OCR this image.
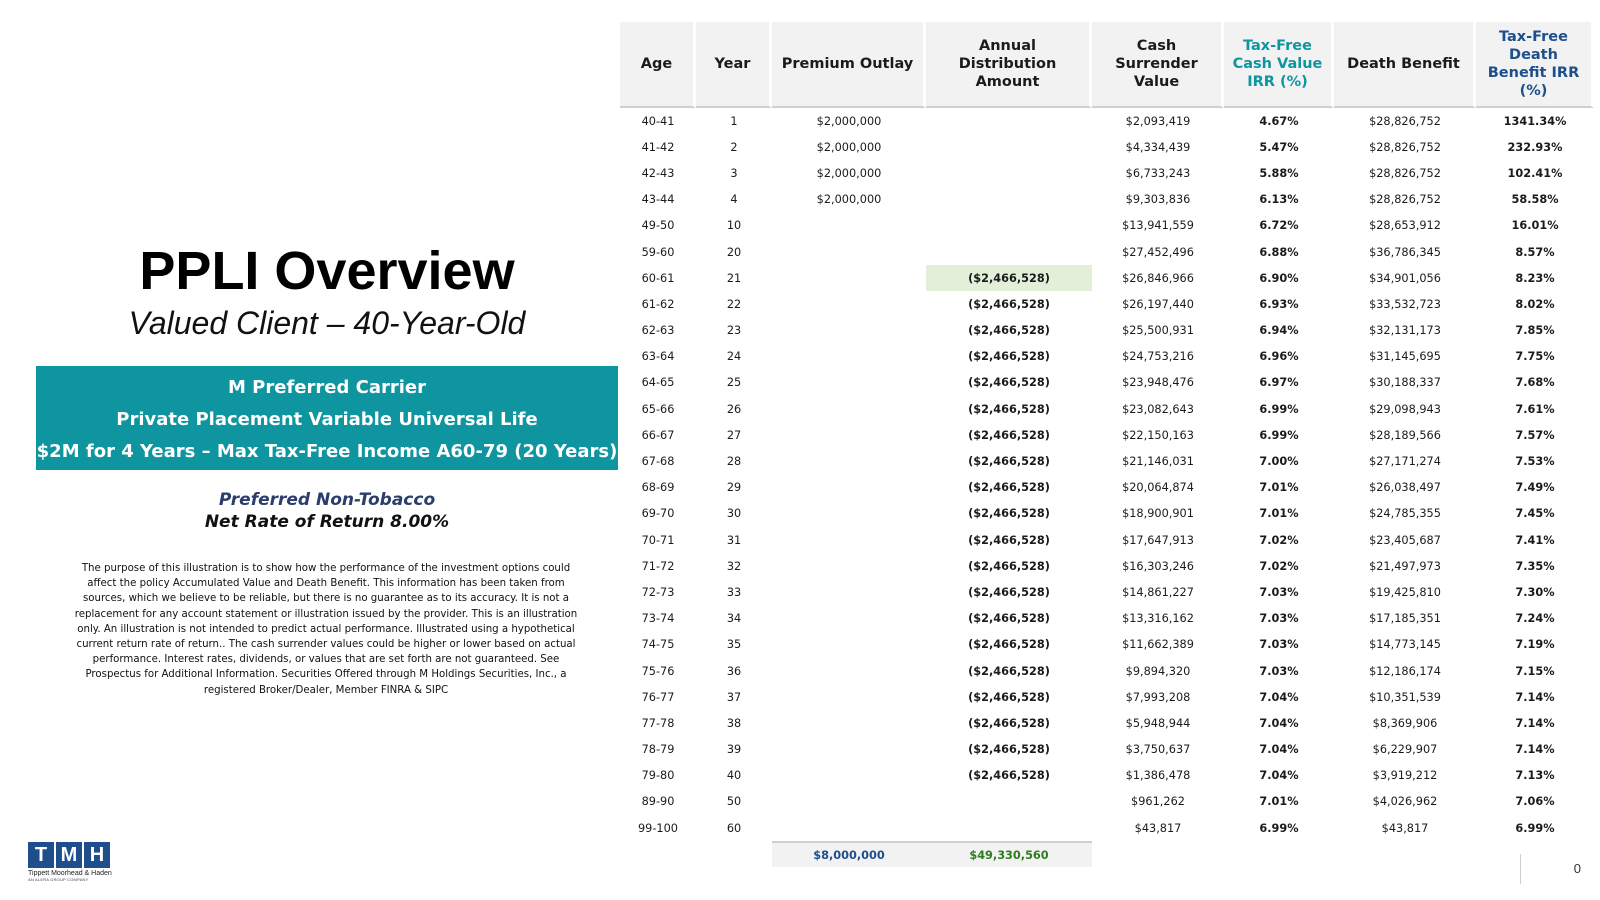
PPLI Overview
Valued Client – 40-Year-Old
M Preferred Carrier
Private Placement Variable Universal Life
$2M for 4 Years – Max Tax-Free Income A60-79 (20 Years)
Preferred Non-Tobacco
Net Rate of Return 8.00%
The purpose of this illustration is to show how the performance of the investment options could affect the policy Accumulated Value and Death Benefit. This information has been taken from sources, which we believe to be reliable, but there is no guarantee as to its accuracy. It is not a replacement for any account statement or illustration issued by the provider. This is an illustration only. An illustration is not intended to predict actual performance. Illustrated using a hypothetical current return rate of return.. The cash surrender values could be higher or lower based on actual performance. Interest rates, dividends, or values that are set forth are not guaranteed. See Prospectus for Additional Information. Securities Offered through M Holdings Securities, Inc., a registered Broker/Dealer, Member FINRA & SIPC
T M H
Tippett Moorhead & Haden
AN ALERA GROUP COMPANY
Age	Year	Premium Outlay	Annual Distribution Amount	Cash Surrender Value	Tax-Free Cash Value IRR (%)	Death Benefit	Tax-Free Death Benefit IRR (%)
40-41	1	$2,000,000		$2,093,419	4.67%	$28,826,752	1341.34%
41-42	2	$2,000,000		$4,334,439	5.47%	$28,826,752	232.93%
42-43	3	$2,000,000		$6,733,243	5.88%	$28,826,752	102.41%
43-44	4	$2,000,000		$9,303,836	6.13%	$28,826,752	58.58%
49-50	10			$13,941,559	6.72%	$28,653,912	16.01%
59-60	20			$27,452,496	6.88%	$36,786,345	8.57%
60-61	21		($2,466,528)	$26,846,966	6.90%	$34,901,056	8.23%
61-62	22		($2,466,528)	$26,197,440	6.93%	$33,532,723	8.02%
62-63	23		($2,466,528)	$25,500,931	6.94%	$32,131,173	7.85%
63-64	24		($2,466,528)	$24,753,216	6.96%	$31,145,695	7.75%
64-65	25		($2,466,528)	$23,948,476	6.97%	$30,188,337	7.68%
65-66	26		($2,466,528)	$23,082,643	6.99%	$29,098,943	7.61%
66-67	27		($2,466,528)	$22,150,163	6.99%	$28,189,566	7.57%
67-68	28		($2,466,528)	$21,146,031	7.00%	$27,171,274	7.53%
68-69	29		($2,466,528)	$20,064,874	7.01%	$26,038,497	7.49%
69-70	30		($2,466,528)	$18,900,901	7.01%	$24,785,355	7.45%
70-71	31		($2,466,528)	$17,647,913	7.02%	$23,405,687	7.41%
71-72	32		($2,466,528)	$16,303,246	7.02%	$21,497,973	7.35%
72-73	33		($2,466,528)	$14,861,227	7.03%	$19,425,810	7.30%
73-74	34		($2,466,528)	$13,316,162	7.03%	$17,185,351	7.24%
74-75	35		($2,466,528)	$11,662,389	7.03%	$14,773,145	7.19%
75-76	36		($2,466,528)	$9,894,320	7.03%	$12,186,174	7.15%
76-77	37		($2,466,528)	$7,993,208	7.04%	$10,351,539	7.14%
77-78	38		($2,466,528)	$5,948,944	7.04%	$8,369,906	7.14%
78-79	39		($2,466,528)	$3,750,637	7.04%	$6,229,907	7.14%
79-80	40		($2,466,528)	$1,386,478	7.04%	$3,919,212	7.13%
89-90	50			$961,262	7.01%	$4,026,962	7.06%
99-100	60			$43,817	6.99%	$43,817	6.99%
		$8,000,000	$49,330,560				
0
